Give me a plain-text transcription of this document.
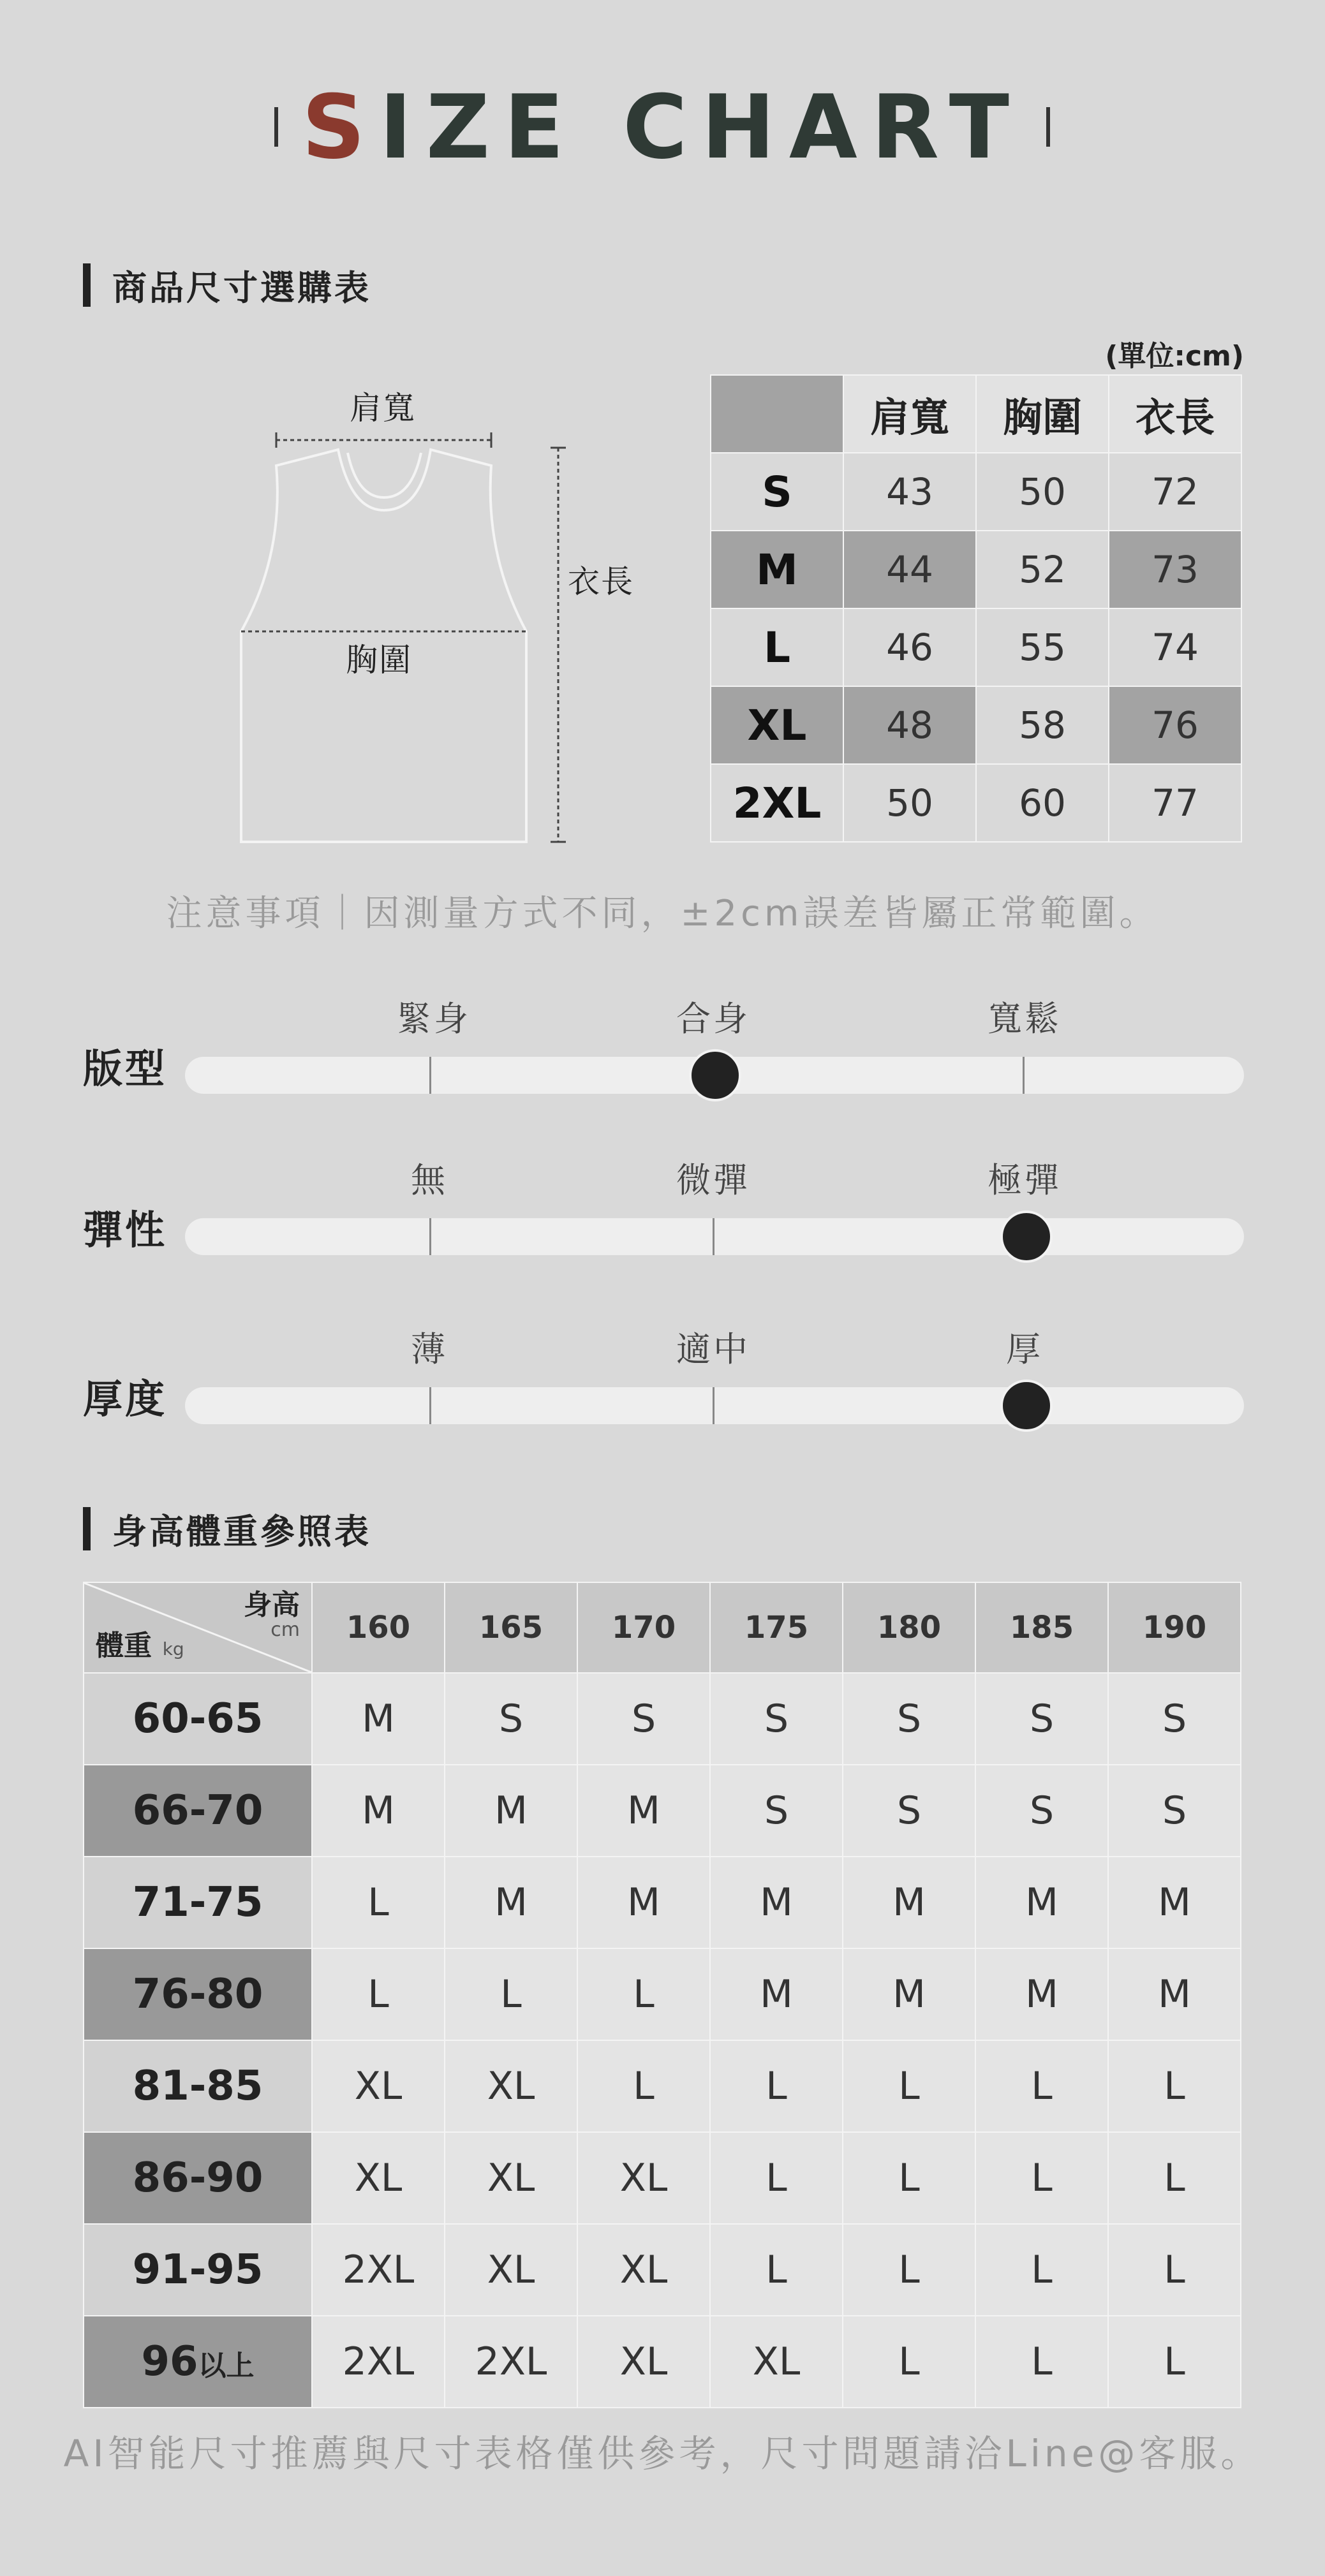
SIZE CHART
商品尺寸選購表
肩寬
胸圍
衣長
(單位:cm)
	肩寬	胸圍	衣長
S	43	50	72
M	44	52	73
L	46	55	74
XL	48	58	76
2XL	50	60	77
注意事項｜因測量方式不同，±2cm誤差皆屬正常範圍。
版型
緊身	合身	寬鬆
彈性
無	微彈	極彈
厚度
薄	適中	厚
身高體重參照表
身高
cm
體重 kg	160	165	170	175	180	185	190
60-65	M	S	S	S	S	S	S
66-70	M	M	M	S	S	S	S
71-75	L	M	M	M	M	M	M
76-80	L	L	L	M	M	M	M
81-85	XL	XL	L	L	L	L	L
86-90	XL	XL	XL	L	L	L	L
91-95	2XL	XL	XL	L	L	L	L
96以上	2XL	2XL	XL	XL	L	L	L
AI智能尺寸推薦與尺寸表格僅供參考，尺寸問題請洽Line@客服。
